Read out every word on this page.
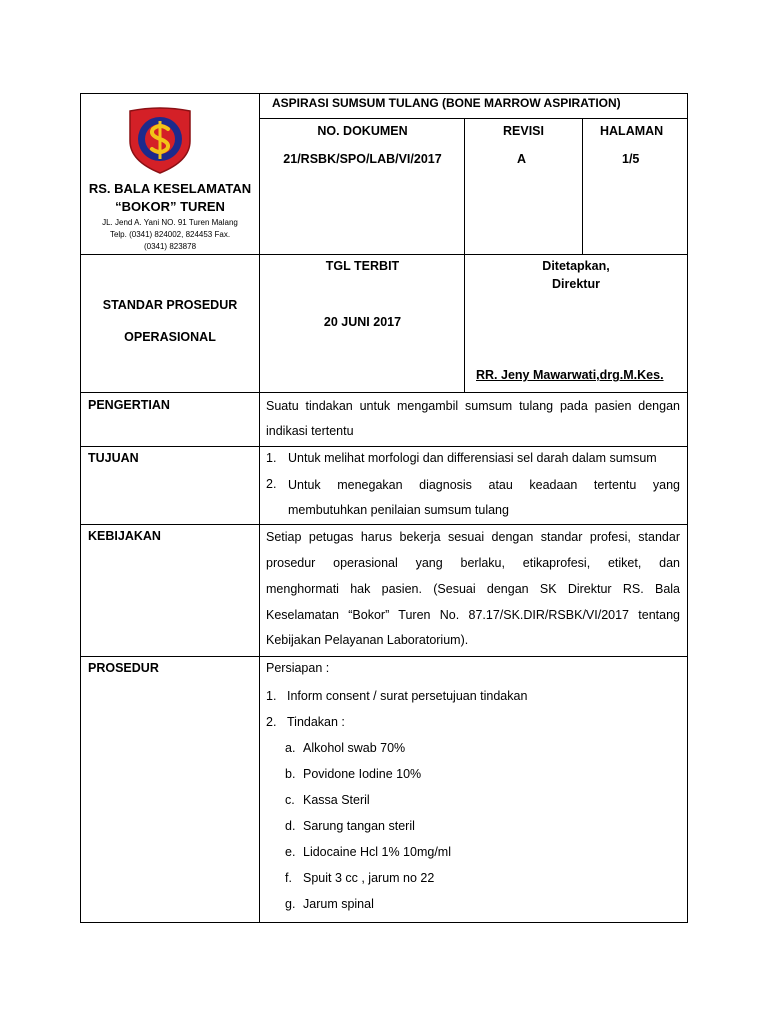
RS. BALA KESELAMATAN
“BOKOR” TUREN
JL. Jend A. Yani NO. 91 Turen Malang
Telp. (0341) 824002, 824453 Fax.
(0341) 823878
ASPIRASI SUMSUM TULANG (BONE MARROW ASPIRATION)
NO. DOKUMEN
21/RSBK/SPO/LAB/VI/2017
REVISI
A
HALAMAN
1/5
STANDAR PROSEDUR
OPERASIONAL
TGL TERBIT
20 JUNI 2017
Ditetapkan,
Direktur
RR. Jeny Mawarwati,drg.M.Kes.
PENGERTIAN	Suatu tindakan untuk mengambil sumsum tulang pada pasien dengan
indikasi tertentu
TUJUAN	1. Untuk melihat morfologi dan differensiasi sel darah dalam sumsum
2. Untuk menegakan diagnosis atau keadaan tertentu yang
membutuhkan penilaian sumsum tulang
KEBIJAKAN	Setiap petugas harus bekerja sesuai dengan standar profesi, standar
prosedur operasional yang berlaku, etikaprofesi, etiket, dan
menghormati hak pasien. (Sesuai dengan SK Direktur RS. Bala
Keselamatan “Bokor” Turen No. 87.17/SK.DIR/RSBK/VI/2017 tentang
Kebijakan Pelayanan Laboratorium).
PROSEDUR	Persiapan :
1. Inform consent / surat persetujuan tindakan
2. Tindakan :
a. Alkohol swab 70%
b. Povidone Iodine 10%
c. Kassa Steril
d. Sarung tangan steril
e. Lidocaine Hcl 1% 10mg/ml
f. Spuit 3 cc , jarum no 22
g. Jarum spinal
